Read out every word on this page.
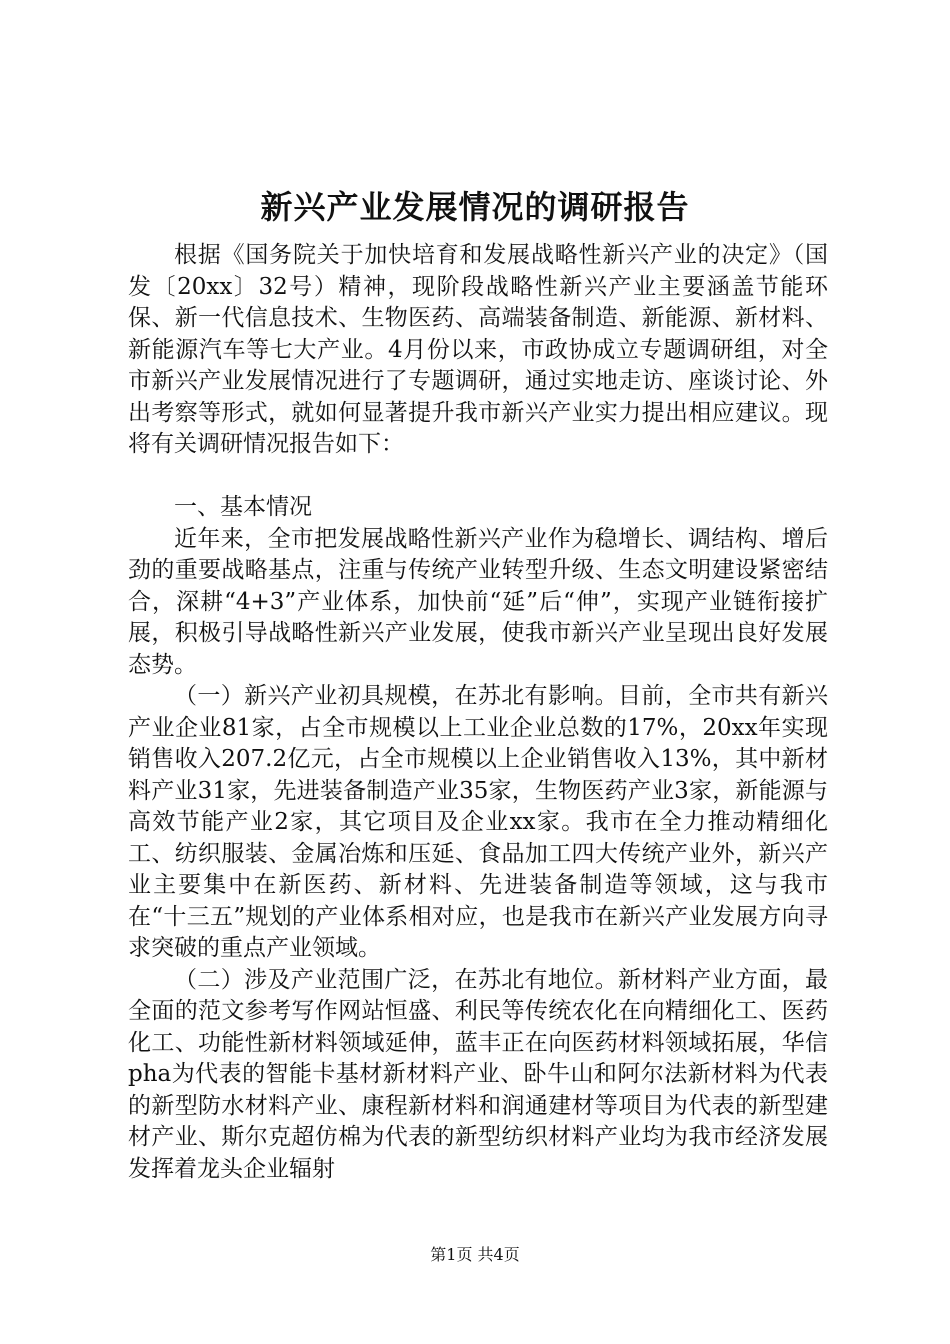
新兴产业发展情况的调研报告

根据《国务院关于加快培育和发展战略性新兴产业的决定》（国发〔20xx〕32号）精神，现阶段战略性新兴产业主要涵盖节能环保、新一代信息技术、生物医药、高端装备制造、新能源、新材料、新能源汽车等七大产业。4月份以来，市政协成立专题调研组，对全市新兴产业发展情况进行了专题调研，通过实地走访、座谈讨论、外出考察等形式，就如何显著提升我市新兴产业实力提出相应建议。现将有关调研情况报告如下：

一、基本情况

近年来，全市把发展战略性新兴产业作为稳增长、调结构、增后劲的重要战略基点，注重与传统产业转型升级、生态文明建设紧密结合，深耕“4+3”产业体系，加快前“延”后“伸”，实现产业链衔接扩展，积极引导战略性新兴产业发展，使我市新兴产业呈现出良好发展态势。

（一）新兴产业初具规模，在苏北有影响。目前，全市共有新兴产业企业81家，占全市规模以上工业企业总数的17%，20xx年实现销售收入207.2亿元，占全市规模以上企业销售收入13%，其中新材料产业31家，先进装备制造产业35家，生物医药产业3家，新能源与高效节能产业2家，其它项目及企业xx家。我市在全力推动精细化工、纺织服装、金属冶炼和压延、食品加工四大传统产业外，新兴产业主要集中在新医药、新材料、先进装备制造等领域，这与我市在“十三五”规划的产业体系相对应，也是我市在新兴产业发展方向寻求突破的重点产业领域。

（二）涉及产业范围广泛，在苏北有地位。新材料产业方面，最全面的范文参考写作网站恒盛、利民等传统农化在向精细化工、医药化工、功能性新材料领域延伸，蓝丰正在向医药材料领域拓展，华信pha为代表的智能卡基材新材料产业、卧牛山和阿尔法新材料为代表的新型防水材料产业、康程新材料和润通建材等项目为代表的新型建材产业、斯尔克超仿棉为代表的新型纺织材料产业均为我市经济发展发挥着龙头企业辐射

第1页 共4页
